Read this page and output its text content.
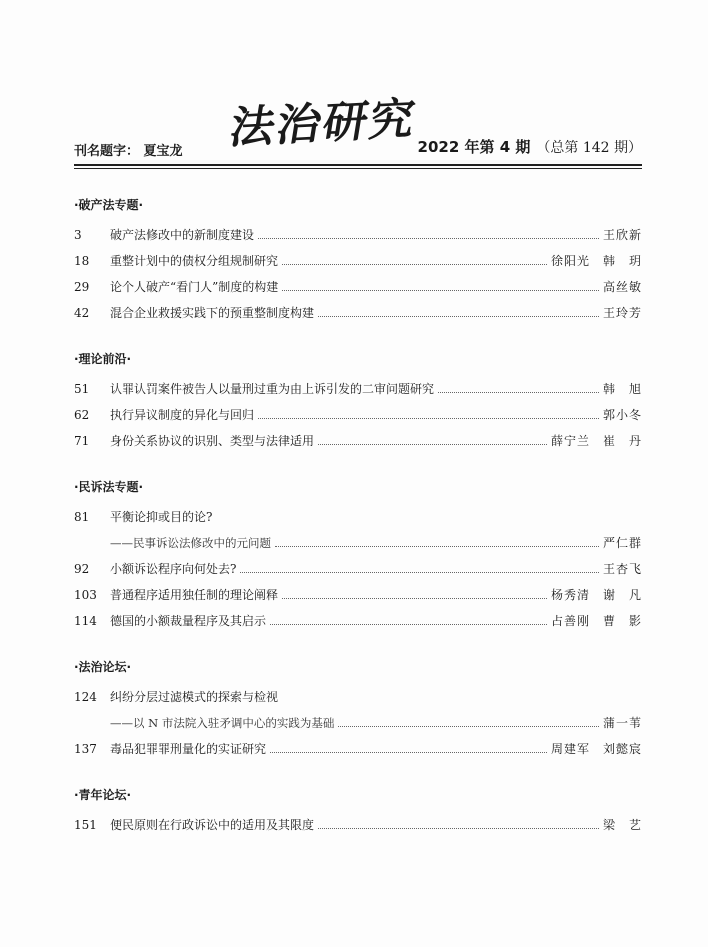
刊名题字： 夏宝龙 法治研究
2022 年第 4 期 （总第 142 期）
·破产法专题·
3	破产法修改中的新制度建设	王欣新
18	重整计划中的债权分组规制研究	徐阳光　韩　玥
29	论个人破产“看门人”制度的构建	高丝敏
42	混合企业救援实践下的预重整制度构建	王玲芳
·理论前沿·
51	认罪认罚案件被告人以量刑过重为由上诉引发的二审问题研究	韩　旭
62	执行异议制度的异化与回归	郭小冬
71	身份关系协议的识别、类型与法律适用	薛宁兰　崔　丹
·民诉法专题·
81	平衡论抑或目的论?
——民事诉讼法修改中的元问题	严仁群
92	小额诉讼程序向何处去?	王杏飞
103	普通程序适用独任制的理论阐释	杨秀清　谢　凡
114	德国的小额裁量程序及其启示	占善刚　曹　影
·法治论坛·
124	纠纷分层过滤模式的探索与检视
——以 N 市法院入驻矛调中心的实践为基础	蒲一苇
137	毒品犯罪罪刑量化的实证研究	周建军　刘懿宸
·青年论坛·
151	便民原则在行政诉讼中的适用及其限度	梁　艺
